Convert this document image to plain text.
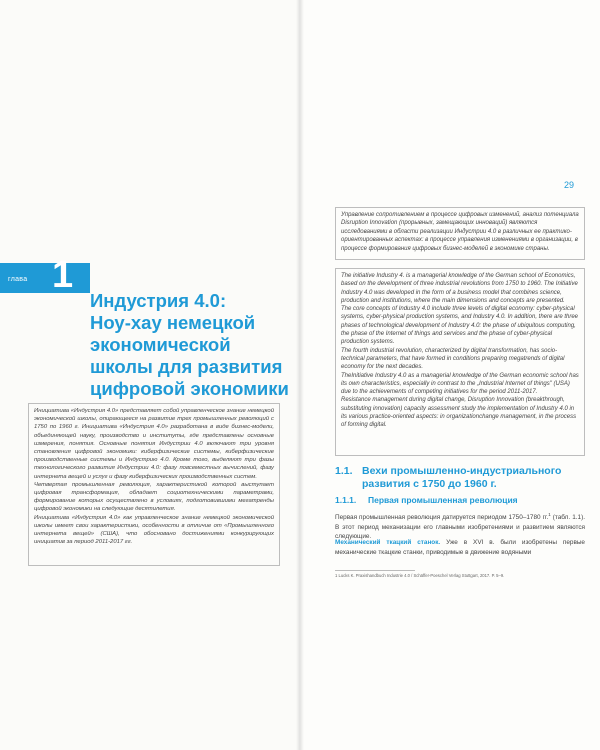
глава 1
Индустрия 4.0:
Ноу-хау немецкой
экономической
школы для развития
цифровой экономики

Инициатива «Индустрия 4.0» представляет собой управленческое знание немецкой экономической школы, опирающееся на развитие трех промышленных революций с 1750 по 1960 г. Инициатива «Индустрия 4.0» разработана в виде бизнес-модели, объединяющей науку, производство и институты, где представлены основные измерения, понятия. Основные понятия Индустрии 4.0 включают три уровня становления цифровой экономики: киберфизические системы, киберфизические производственные системы и Индустрию 4.0. Кроме того, выделяют три фазы технологического развития Индустрии 4.0: фазу повсеместных вычислений, фазу интернета вещей и услуг и фазу киберфизических производственных систем.

Четвертая промышленная революция, характеристикой которой выступает цифровая трансформация, обладает социотехническими параметрами, формирование которых осуществлено в условиях, подготовившими мегатренды цифровой экономики на следующие десятилетия.

Инициатива «Индустрия 4.0» как управленческое знание немецкой экономической школы имеет свои характеристики, особенности в отличие от «Промышленного интернета вещей» (США), что обосновано достижениями конкурирующих инициатив за период 2011-2017 гг.

29

Управление сопротивлением в процессе цифровых изменений, анализ потенциала Disruption Innovation (прорывных, замещающих инноваций) являются исследованиями в области реализации Индустрии 4.0 в различных ее практико-ориентированных аспектах: в процессе управления изменениями в организации, в процессе формирования цифровых бизнес-моделей в экономике страны.

The initiative Industry 4. is a managerial knowledge of the German school of Economics, based on the development of three industrial revolutions from 1750 to 1960. The Initiative Industry 4.0 was developed in the form of a business model that combines science, production and institutions, where the main dimensions and concepts are presented.

The core concepts of Industry 4.0 include three levels of digital economy: cyber-physical systems, cyber-physical production systems, and Industry 4.0. In addition, there are three phases of technological development of Industry 4.0: the phase of ubiquitous computing, the phase of the Internet of things and services and the phase of cyber-physical production systems.

The fourth industrial revolution, characterized by digital transformation, has socio-technical parameters, that have formed in conditions preparing megatrends of digital economy for the next decades.

TheInitiative Industry 4.0 as a managerial knowledge of the German economic school has its own characteristics, especially in contrast to the „Industrial Internet of things" (USA) due to the achievements of competing initiatives for the period 2011-2017.

Resistance management during digital change, Disruption Innovation (breakthrough, substituting innovation) capacity assessment study the implementation of Industry 4.0 in its various practice-oriented aspects: in organizationchange management, in the process of forming digital.

1.1. Вехи промышленно-индустриального развития с 1750 до 1960 г.
1.1.1. Первая промышленная революция

Первая промышленная революция датируется периодом 1750–1780 гг.$^1$ (табл. 1.1). В этот период механизации его главными изобретениями и развитием являются следующие.

Механический ткацкий станок. Уже в XVI в. были изобретены первые механические ткацкие станки, приводимые в движение водяными

1 Lucks K. Praxishandbuch Industrie 4.0 / Schäffer-Poeschel Verlag Stuttgart, 2017. P. 5–9.
